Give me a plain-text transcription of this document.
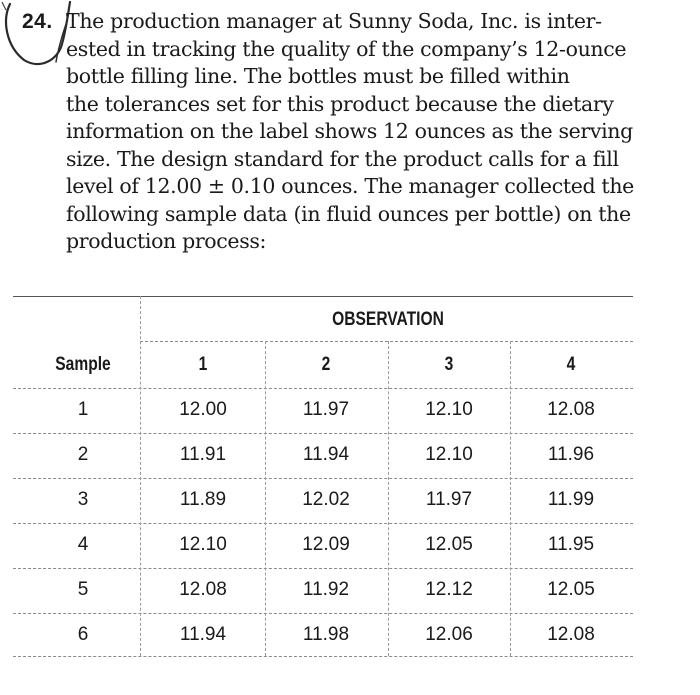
24. The production manager at Sunny Soda, Inc. is inter-
ested in tracking the quality of the company’s 12-ounce
bottle filling line. The bottles must be filled within
the tolerances set for this product because the dietary
information on the label shows 12 ounces as the serving
size. The design standard for the product calls for a fill
level of 12.00 ± 0.10 ounces. The manager collected the
following sample data (in fluid ounces per bottle) on the
production process:

OBSERVATION
Sample	1	2	3	4
1	12.00	11.97	12.10	12.08
2	11.91	11.94	12.10	11.96
3	11.89	12.02	11.97	11.99
4	12.10	12.09	12.05	11.95
5	12.08	11.92	12.12	12.05
6	11.94	11.98	12.06	12.08
